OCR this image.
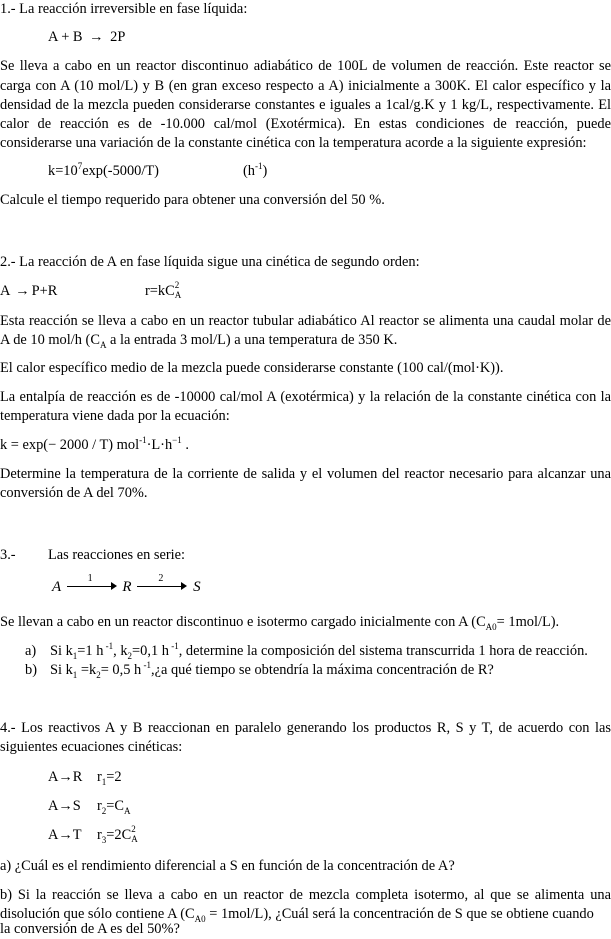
1.- La reacción irreversible en fase líquida:
A + B → 2P
Se lleva a cabo en un reactor discontinuo adiabático de 100L de volumen de reacción. Este reactor se
carga con A (10 mol/L) y B (en gran exceso respecto a A) inicialmente a 300K. El calor específico y la
densidad de la mezcla pueden considerarse constantes e iguales a 1cal/g.K y 1 kg/L, respectivamente. El
calor de reacción es de -10.000 cal/mol (Exotérmica). En estas condiciones de reacción, puede
considerarse una variación de la constante cinética con la temperatura acorde a la siguiente expresión:
$k=10^7\exp(-5000/T)$	$(h^{-1})$
Calcule el tiempo requerido para obtener una conversión del 50 %.
2.- La reacción de A en fase líquida sigue una cinética de segundo orden:
A → P+R	r=kC 2
A

Esta reacción se lleva a cabo en un reactor tubular adiabático Al reactor se alimenta una caudal molar de
A de 10 mol/h ($C_A$ a la entrada 3 mol/L) a una temperatura de 350 K.
El calor específico medio de la mezcla puede considerarse constante (100 cal/(mol·K)).
La entalpía de reacción es de -10000 cal/mol A (exotérmica) y la relación de la constante cinética con la
temperatura viene dada por la ecuación:
k = exp(− 2000 / T) $mol^{-1}\cdot L\cdot h^{-1}$ .
Determine la temperatura de la corriente de salida y el volumen del reactor necesario para alcanzar una
conversión de A del 70%.
3.- Las reacciones en serie:
A
1
R
2
S
Se llevan a cabo en un reactor discontinuo e isotermo cargado inicialmente con A $(C_{A0}= 1mol/L)$.
a) Si $k_1=1$ h $^{-1}$, $k_2=0,1$ h $^{-1}$, determine la composición del sistema transcurrida 1 hora de reacción.
b) Si $k_1 =k_2= 0,5$ h $^{-1}$,¿a qué tiempo se obtendría la máxima concentración de R?
4.- Los reactivos A y B reaccionan en paralelo generando los productos R, S y T, de acuerdo con las
siguientes ecuaciones cinéticas:
A→R $r_1=2$
A→S $r_2=C_A$
A→T $r_3=2C$ 2
A

a) ¿Cuál es el rendimiento diferencial a S en función de la concentración de A?
b) Si la reacción se lleva a cabo en un reactor de mezcla completa isotermo, al que se alimenta una
disolución que sólo contiene A $(C_{A0} = 1mol/L)$, ¿Cuál será la concentración de S que se obtiene cuando
la conversión de A es del 50%?
